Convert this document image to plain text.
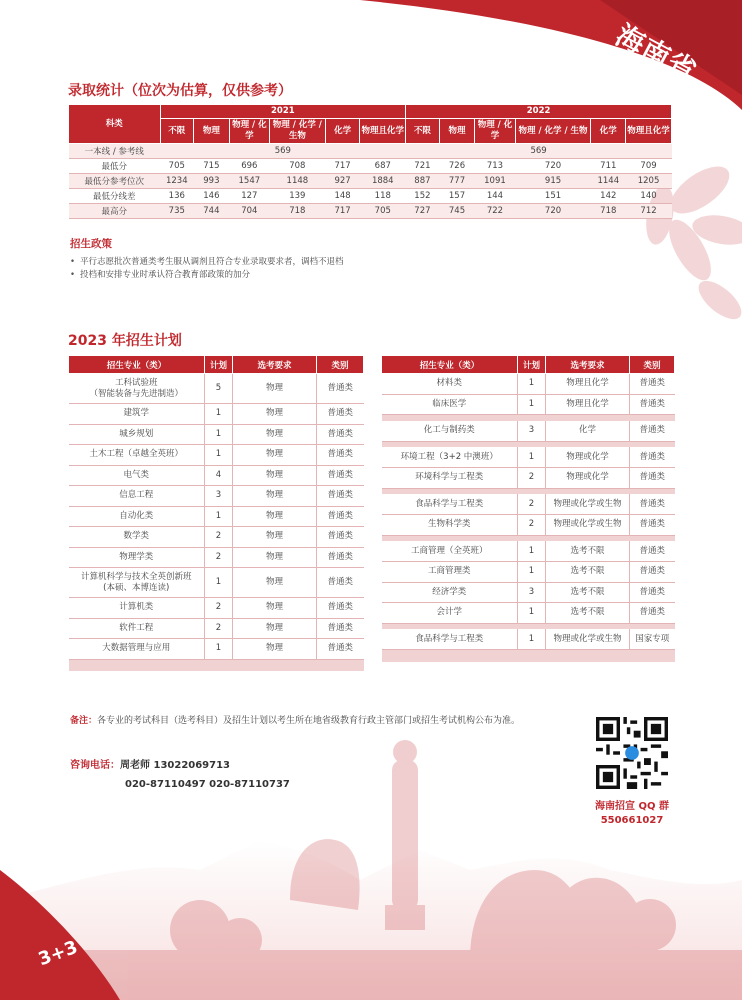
海南省
录取统计（位次为估算，仅供参考）
科类	2021						2022					
	不限	物理	物理 / 化学	物理 / 化学 / 生物	化学	物理且化学	不限	物理	物理 / 化学	物理 / 化学 / 生物	化学	物理且化学
一本线 / 参考线	569						569					
最低分	705	715	696	708	717	687	721	726	713	720	711	709
最低分参考位次	1234	993	1547	1148	927	1884	887	777	1091	915	1144	1205
最低分线差	136	146	127	139	148	118	152	157	144	151	142	140
最高分	735	744	704	718	717	705	727	745	722	720	718	712
招生政策
• 平行志愿批次普通类考生服从调剂且符合专业录取要求者，调档不退档
• 投档和安排专业时承认符合教育部政策的加分
2023 年招生计划
招生专业（类）	计划	选考要求	类别

工科试验班
（智能装备与先进制造）	5	物理	普通类

建筑学	1	物理	普通类

城乡规划	1	物理	普通类

土木工程（卓越全英班）	1	物理	普通类

电气类	4	物理	普通类

信息工程	3	物理	普通类

自动化类	1	物理	普通类

数学类	2	物理	普通类

物理学类	2	物理	普通类

计算机科学与技术全英创新班
(本硕、本博连读)	1	物理	普通类

计算机类	2	物理	普通类

软件工程	2	物理	普通类

大数据管理与应用	1	物理	普通类

招生专业（类）	计划	选考要求	类别

材料类	1	物理且化学	普通类

临床医学	1	物理且化学	普通类

化工与制药类	3	化学	普通类

环境工程（3+2 中澳班）	1	物理或化学	普通类

环境科学与工程类	2	物理或化学	普通类

食品科学与工程类	2	物理或化学或生物	普通类

生物科学类	2	物理或化学或生物	普通类

工商管理（全英班）	1	选考不限	普通类

工商管理类	1	选考不限	普通类

经济学类	3	选考不限	普通类

会计学	1	选考不限	普通类

食品科学与工程类	1	物理或化学或生物	国家专项

备注：各专业的考试科目（选考科目）及招生计划以考生所在地省级教育行政主管部门或招生考试机构公布为准。
咨询电话：周老师 13022069713
020-87110497 020-87110737
海南招宣 QQ 群
550661027
3+3
